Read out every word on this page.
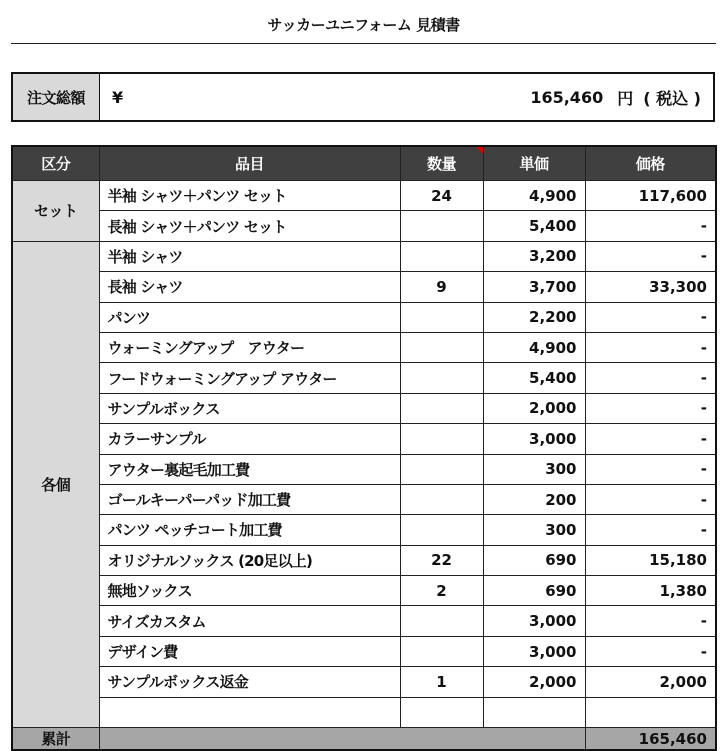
サッカーユニフォーム 見積書
注文総額	¥	165,460 円 ( 税込 )
区分	品目	数量	単価	価格
セット	半袖 シャツ＋パンツ セット	24	4,900	117,600
	長袖 シャツ＋パンツ セット		5,400	-
各個	半袖 シャツ		3,200	-
	長袖 シャツ	9	3,700	33,300
	パンツ		2,200	-
	ウォーミングアップ　アウター		4,900	-
	フードウォーミングアップ アウター		5,400	-
	サンプルボックス		2,000	-
	カラーサンプル		3,000	-
	アウター裏起毛加工費		300	-
	ゴールキーパーパッド加工費		200	-
	パンツ ペッチコート加工費		300	-
	オリジナルソックス (20足以上)	22	690	15,180
	無地ソックス	2	690	1,380
	サイズカスタム		3,000	-
	デザイン費		3,000	-
	サンプルボックス返金	1	2,000	2,000

累計				165,460
